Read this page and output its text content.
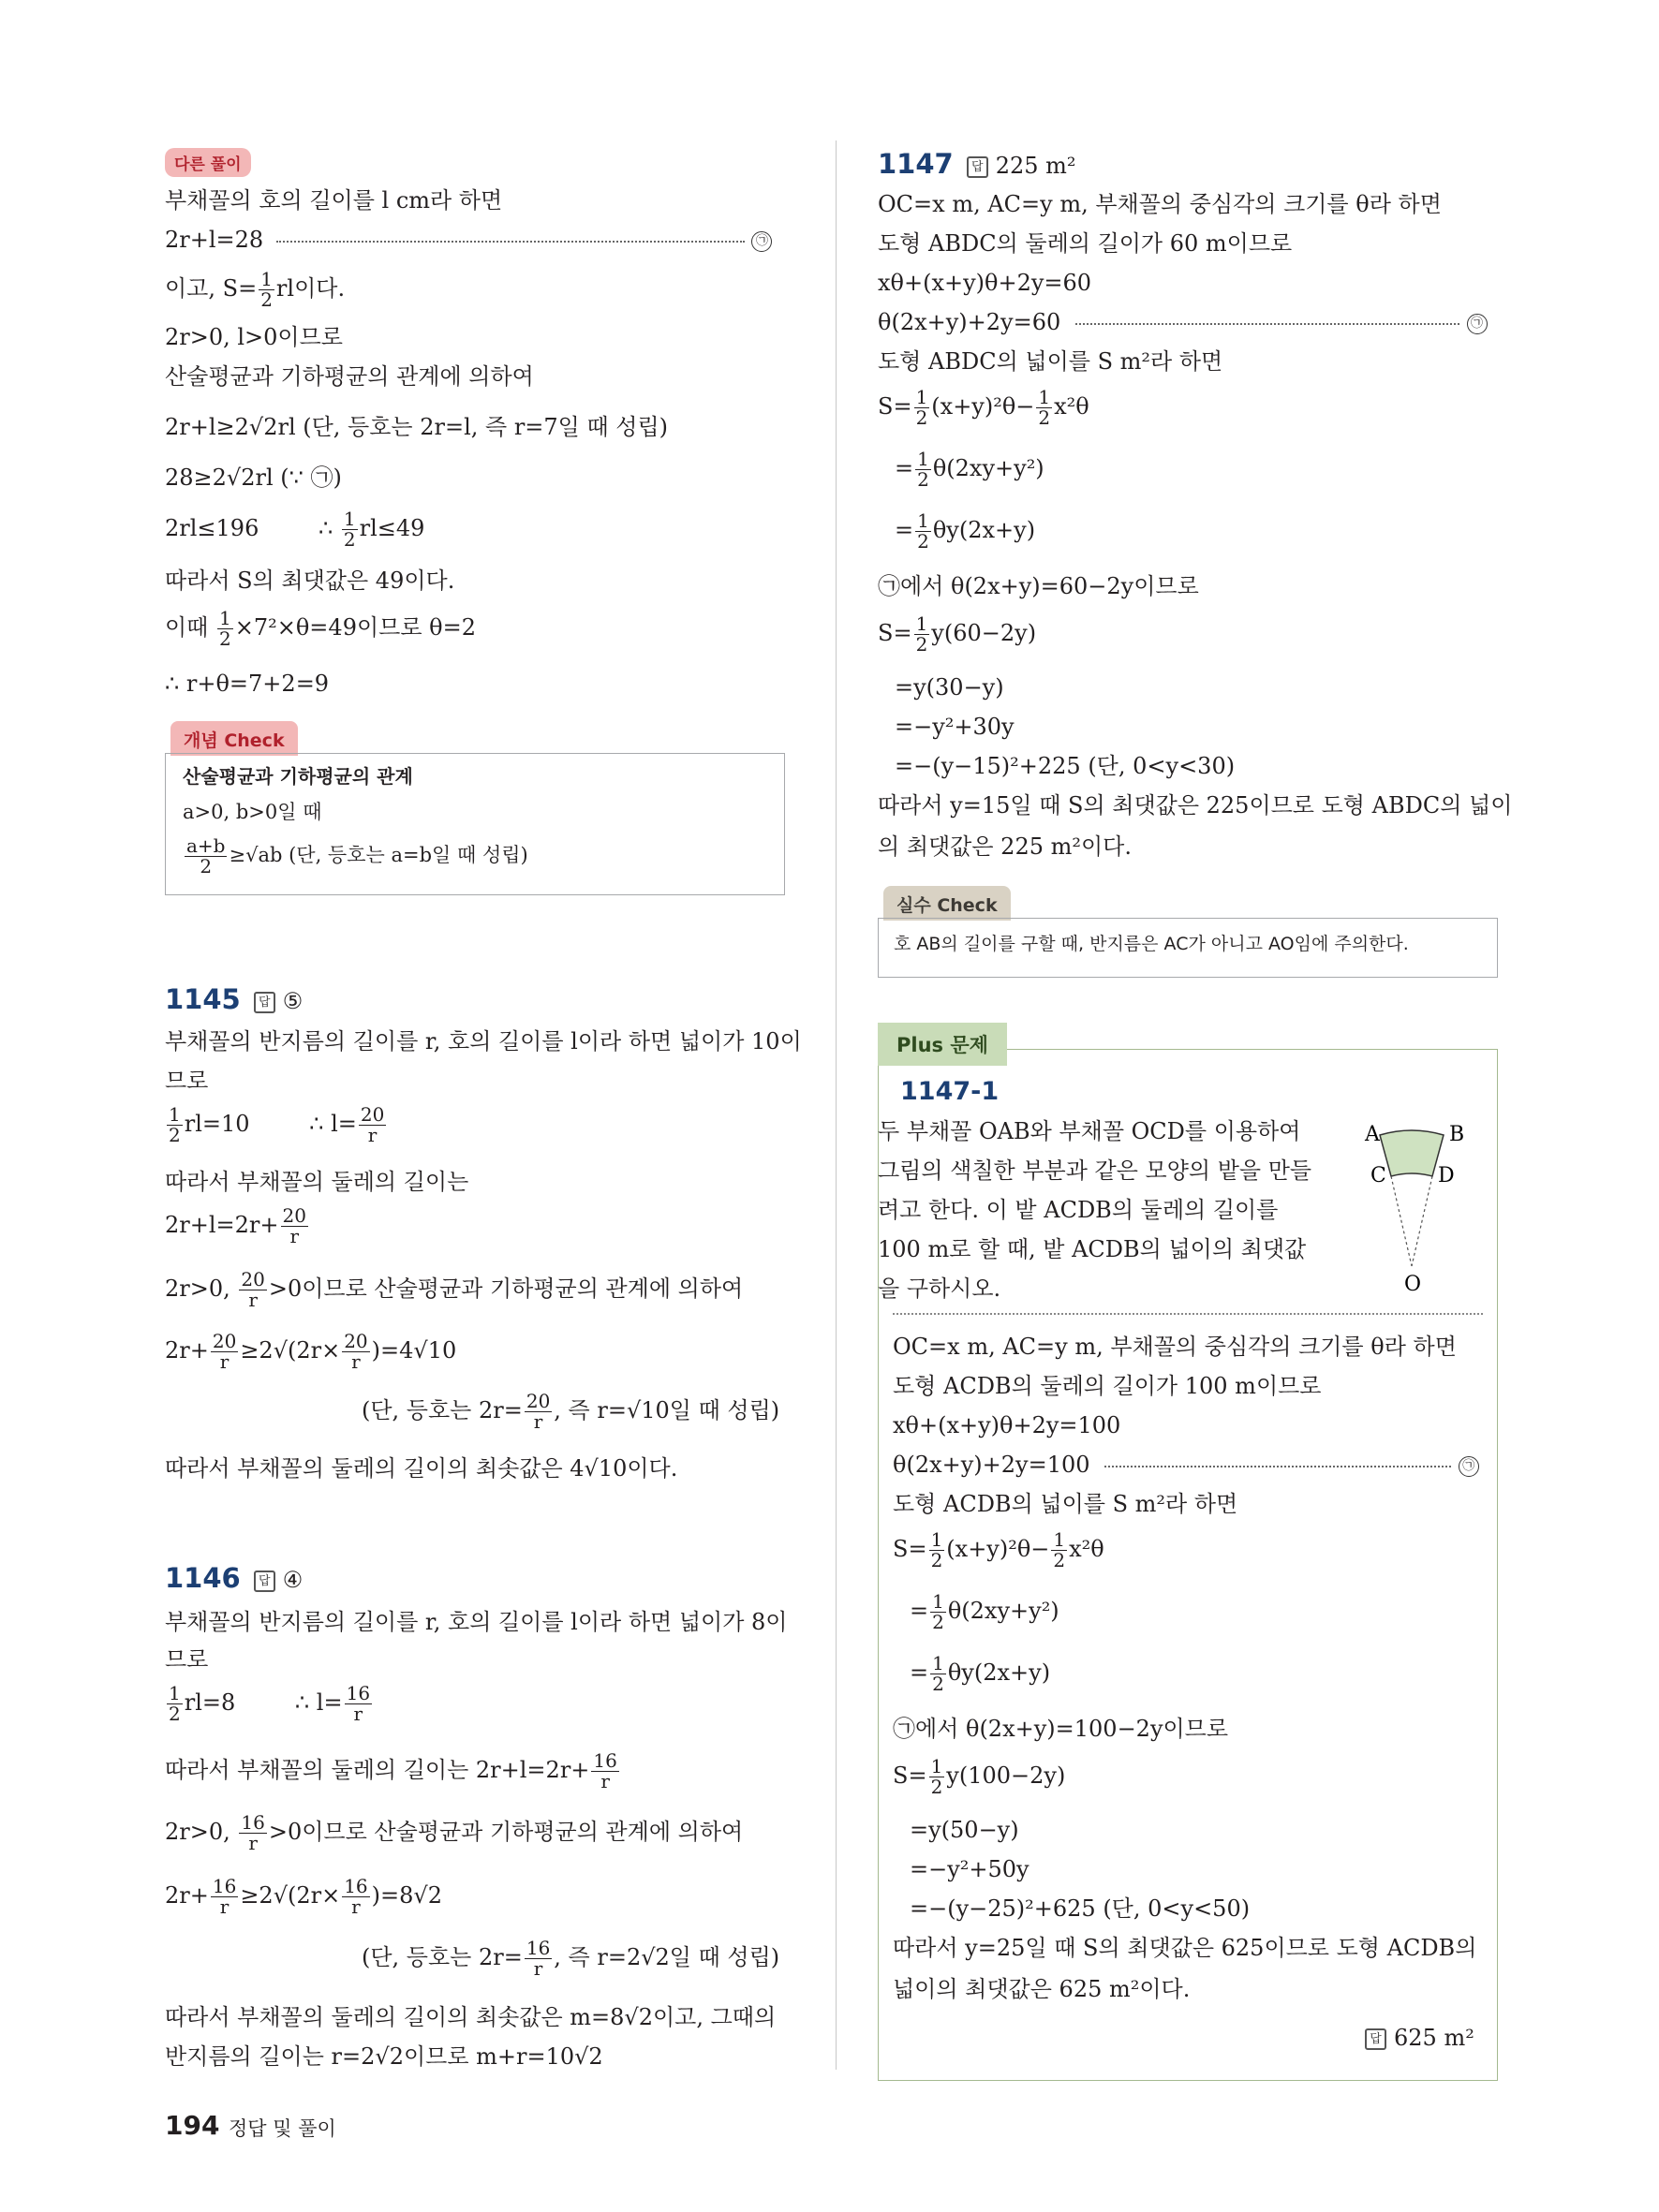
다른 풀이

부채꼴의 호의 길이를 l cm라 하면

2r+l=28	㉠

이고, $S= \frac{1}{2}$ rl이다.

2r>0, l>0이므로

산술평균과 기하평균의 관계에 의하여

2r+l≥2√2rl (단, 등호는 2r=l, 즉 r=7일 때 성립)

28≥2√2rl (∵ ㉠)

2rl≤196	∴ $\frac{1}{2} rl\le 49$

따라서 S의 최댓값은 49이다.

이때 $\frac{1}{2} \times 7^2\times\theta=49$이므로 θ=2

∴ r+θ=7+2=9

개념 Check

산술평균과 기하평균의 관계

a>0, b>0일 때

$\frac{a+b}{2} \ge√ab$ (단, 등호는 a=b일 때 성립)

1145 답 ⑤

부채꼴의 반지름의 길이를 r, 호의 길이를 l이라 하면 넓이가 10이

므로

$\frac{1}{2} rl=10$	∴ $l= \frac{20}{r}$

따라서 부채꼴의 둘레의 길이는

$2r+l=2r+ \frac{20}{r}$

2r>0, $\frac{20}{r} >0$이므로 산술평균과 기하평균의 관계에 의하여

$2r+ \frac{20}{r} \ge 2√(2r\times \frac{20}{r} )=4√10$

(단, 등호는 $2r= \frac{20}{r}$ , 즉 r=√10일 때 성립)

따라서 부채꼴의 둘레의 길이의 최솟값은 4√10이다.

1146 답 ④

부채꼴의 반지름의 길이를 r, 호의 길이를 l이라 하면 넓이가 8이

므로

$\frac{1}{2} rl=8$	∴ $l= \frac{16}{r}$

따라서 부채꼴의 둘레의 길이는 $2r+l=2r+ \frac{16}{r}$

2r>0, $\frac{16}{r} >0$이므로 산술평균과 기하평균의 관계에 의하여

$2r+ \frac{16}{r} \ge 2√(2r\times \frac{16}{r} )=8√2$

(단, 등호는 $2r= \frac{16}{r}$ , 즉 r=2√2일 때 성립)

따라서 부채꼴의 둘레의 길이의 최솟값은 m=8√2이고, 그때의

반지름의 길이는 r=2√2이므로 m+r=10√2

1147 답 225 m²

OC=x m, AC=y m, 부채꼴의 중심각의 크기를 θ라 하면

도형 ABDC의 둘레의 길이가 60 m이므로

xθ+(x+y)θ+2y=60

θ(2x+y)+2y=60	㉠

도형 ABDC의 넓이를 S m²라 하면

$S= \frac{1}{2} (x+y)^2\theta- \frac{1}{2} x^2\theta$

= $\frac{1}{2} \theta(2xy+y^2)$

= $\frac{1}{2} \theta y(2x+y)$

㉠에서 θ(2x+y)=60−2y이므로

$S= \frac{1}{2} y(60-2y)$

=y(30−y)

=−y²+30y

=−(y−15)²+225 (단, 0<y<30)

따라서 y=15일 때 S의 최댓값은 225이므로 도형 ABDC의 넓이

의 최댓값은 225 m²이다.

실수 Check

호 AB의 길이를 구할 때, 반지름은 AC가 아니고 AO임에 주의한다.

Plus 문제

1147-1

두 부채꼴 OAB와 부채꼴 OCD를 이용하여

그림의 색칠한 부분과 같은 모양의 밭을 만들

려고 한다. 이 밭 ACDB의 둘레의 길이를

100 m로 할 때, 밭 ACDB의 넓이의 최댓값

을 구하시오.

A	B
C	D
O

OC=x m, AC=y m, 부채꼴의 중심각의 크기를 θ라 하면

도형 ACDB의 둘레의 길이가 100 m이므로

xθ+(x+y)θ+2y=100

θ(2x+y)+2y=100	㉠

도형 ACDB의 넓이를 S m²라 하면

$S= \frac{1}{2} (x+y)^2\theta- \frac{1}{2} x^2\theta$

= $\frac{1}{2} \theta(2xy+y^2)$

= $\frac{1}{2} \theta y(2x+y)$

㉠에서 θ(2x+y)=100−2y이므로

$S= \frac{1}{2} y(100-2y)$

=y(50−y)

=−y²+50y

=−(y−25)²+625 (단, 0<y<50)

따라서 y=25일 때 S의 최댓값은 625이므로 도형 ACDB의

넓이의 최댓값은 625 m²이다.

답 625 m²

194 정답 및 풀이
